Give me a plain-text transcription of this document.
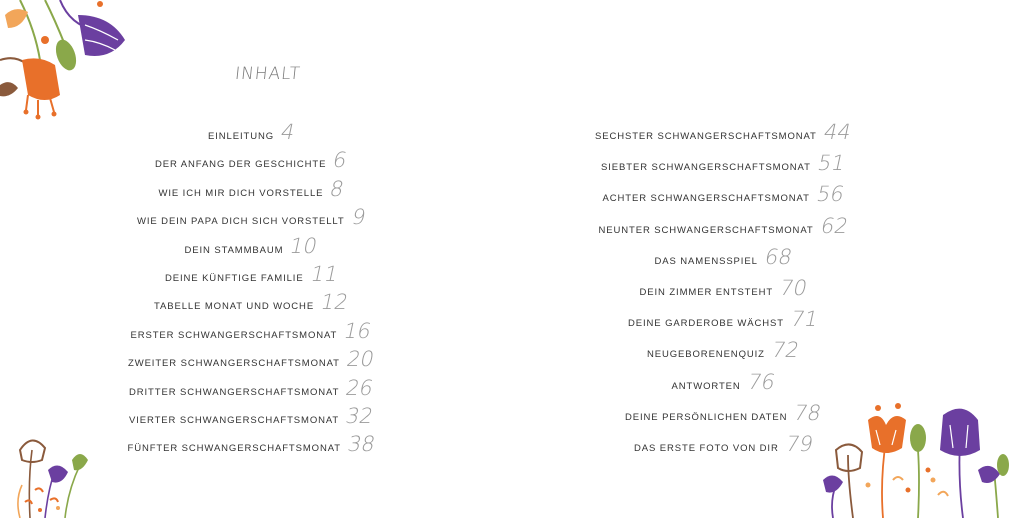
INHALT
EINLEITUNG 4
DER ANFANG DER GESCHICHTE 6
WIE ICH MIR DICH VORSTELLE 8
WIE DEIN PAPA DICH SICH VORSTELLT 9
DEIN STAMMBAUM 10
DEINE KÜNFTIGE FAMILIE 11
TABELLE MONAT UND WOCHE 12
ERSTER SCHWANGERSCHAFTSMONAT 16
ZWEITER SCHWANGERSCHAFTSMONAT 20
DRITTER SCHWANGERSCHAFTSMONAT 26
VIERTER SCHWANGERSCHAFTSMONAT 32
FÜNFTER SCHWANGERSCHAFTSMONAT 38
SECHSTER SCHWANGERSCHAFTSMONAT 44
SIEBTER SCHWANGERSCHAFTSMONAT 51
ACHTER SCHWANGERSCHAFTSMONAT 56
NEUNTER SCHWANGERSCHAFTSMONAT 62
DAS NAMENSSPIEL 68
DEIN ZIMMER ENTSTEHT 70
DEINE GARDEROBE WÄCHST 71
NEUGEBORENENQUIZ 72
ANTWORTEN 76
DEINE PERSÖNLICHEN DATEN 78
DAS ERSTE FOTO VON DIR 79
